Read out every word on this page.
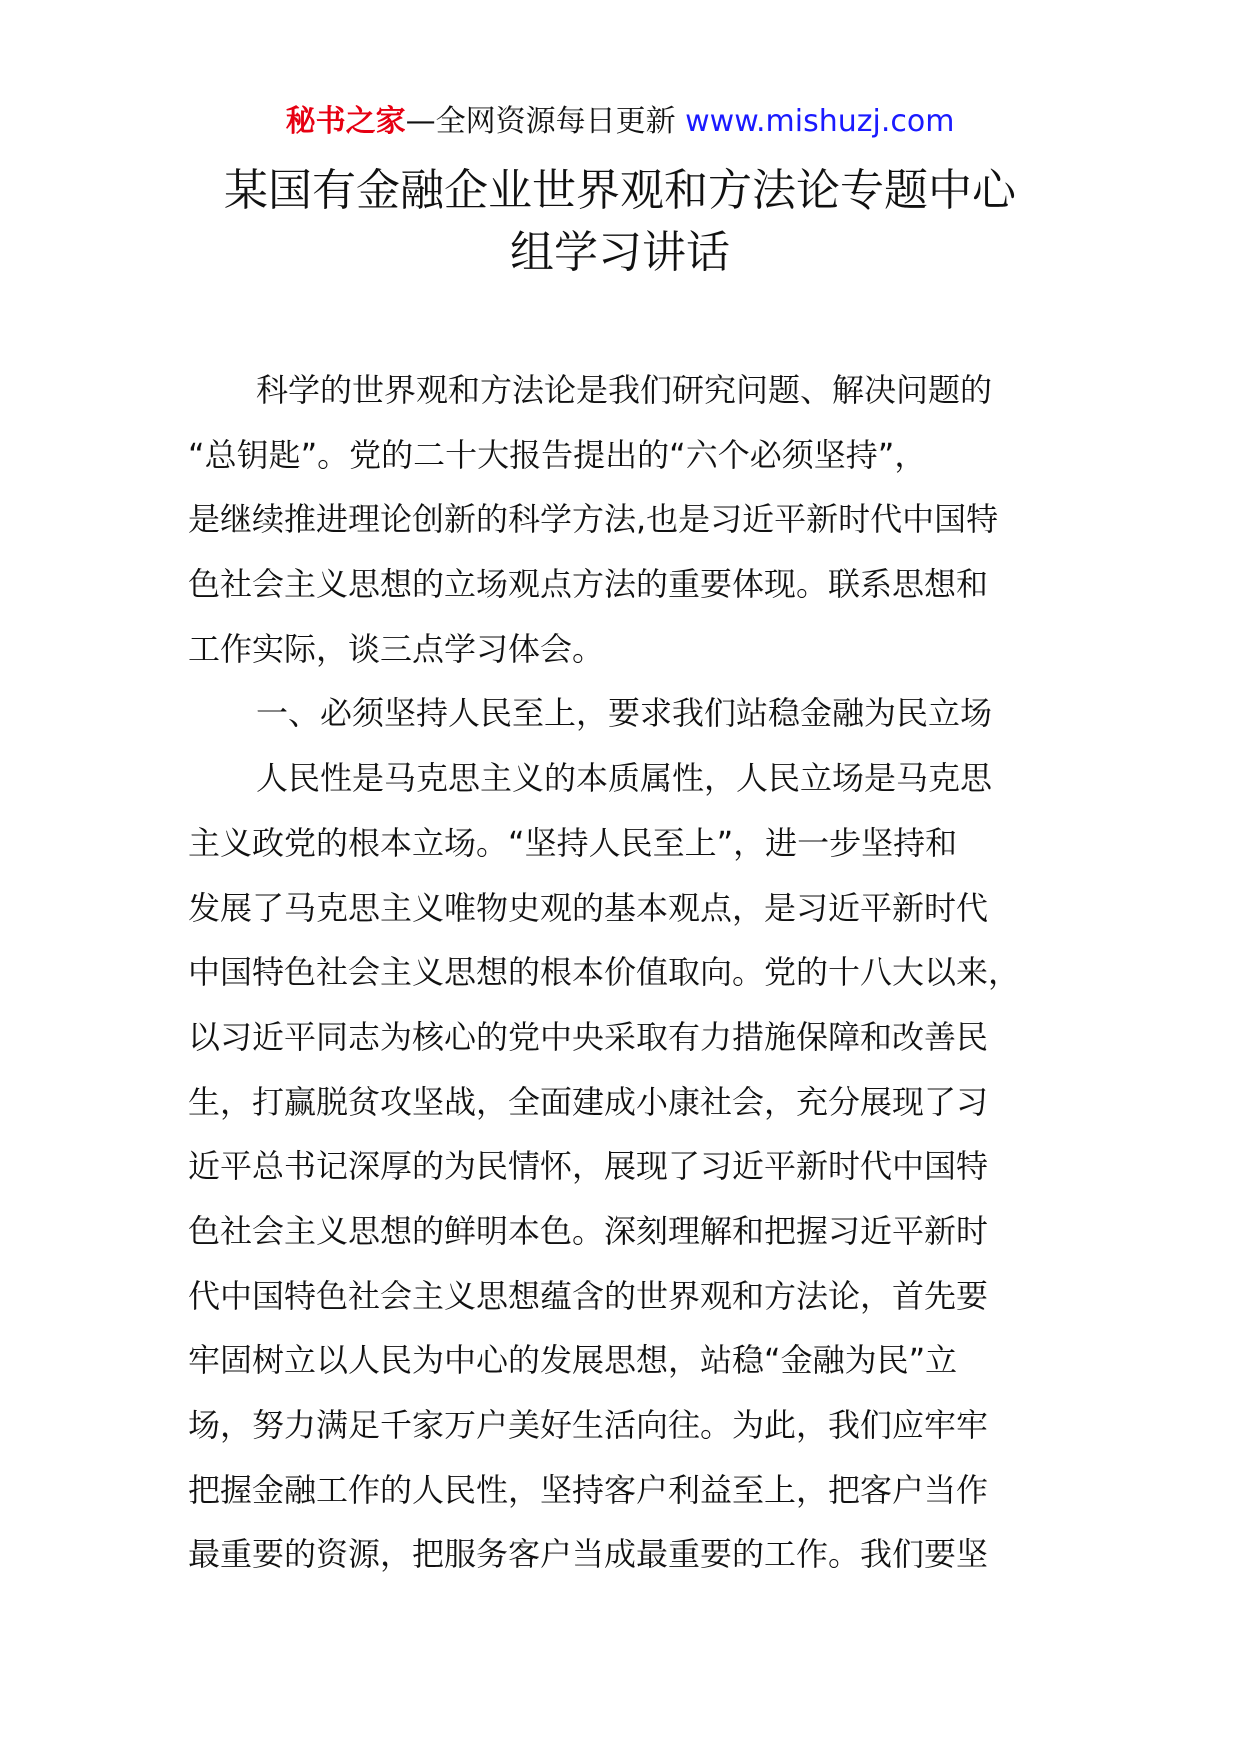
秘书之家—全网资源每日更新 www.mishuzj.com
某国有金融企业世界观和方法论专题中心
组学习讲话
科学的世界观和方法论是我们研究问题、解决问题的
“总钥匙”。党的二十大报告提出的“六个必须坚持”，
是继续推进理论创新的科学方法,也是习近平新时代中国特
色社会主义思想的立场观点方法的重要体现。联系思想和
工作实际，谈三点学习体会。
一、必须坚持人民至上，要求我们站稳金融为民立场
人民性是马克思主义的本质属性，人民立场是马克思
主义政党的根本立场。“坚持人民至上”，进一步坚持和
发展了马克思主义唯物史观的基本观点，是习近平新时代
中国特色社会主义思想的根本价值取向。党的十八大以来，
以习近平同志为核心的党中央采取有力措施保障和改善民
生，打赢脱贫攻坚战，全面建成小康社会，充分展现了习
近平总书记深厚的为民情怀，展现了习近平新时代中国特
色社会主义思想的鲜明本色。深刻理解和把握习近平新时
代中国特色社会主义思想蕴含的世界观和方法论，首先要
牢固树立以人民为中心的发展思想，站稳“金融为民”立
场，努力满足千家万户美好生活向往。为此，我们应牢牢
把握金融工作的人民性，坚持客户利益至上，把客户当作
最重要的资源，把服务客户当成最重要的工作。我们要坚
